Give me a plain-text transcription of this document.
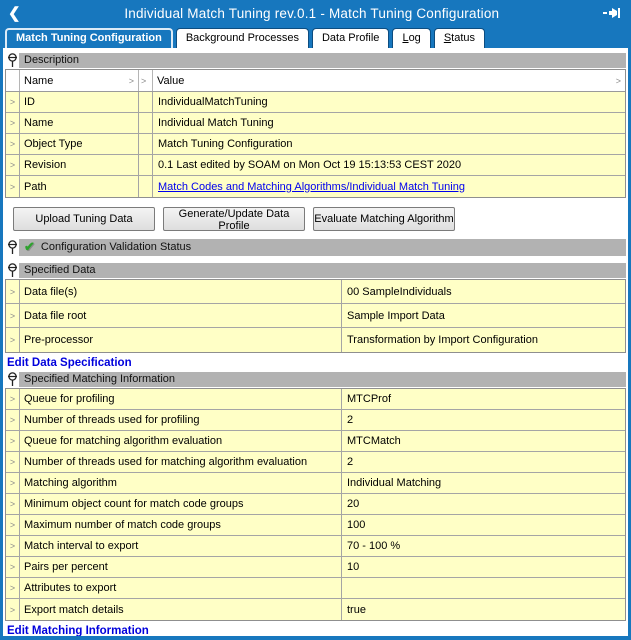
❮	Individual Match Tuning rev.0.1 - Match Tuning Configuration
Match Tuning Configuration	Background Processes	Data Profile	Log	Status
Description
Name	> > Value	>
> ID	IndividualMatchTuning
> Name	Individual Match Tuning
> Object Type	Match Tuning Configuration
> Revision	0.1 Last edited by SOAM on Mon Oct 19 15:13:53 CEST 2020
> Path	Match Codes and Matching Algorithms/Individual Match Tuning
Upload Tuning Data	Generate/Update Data Profile
Evaluate Matching Algorithm
✔ Configuration Validation Status
Specified Data
> Data file(s)	00 SampleIndividuals
> Data file root	Sample Import Data
> Pre-processor	Transformation by Import Configuration
Edit Data Specification
Specified Matching Information
> Queue for profiling	MTCProf
> Number of threads used for profiling	2
> Queue for matching algorithm evaluation	MTCMatch
> Number of threads used for matching algorithm evaluation	2
> Matching algorithm	Individual Matching
> Minimum object count for match code groups	20
> Maximum number of match code groups	100
> Match interval to export	70 - 100 %
> Pairs per percent	10
> Attributes to export
> Export match details	true
Edit Matching Information
